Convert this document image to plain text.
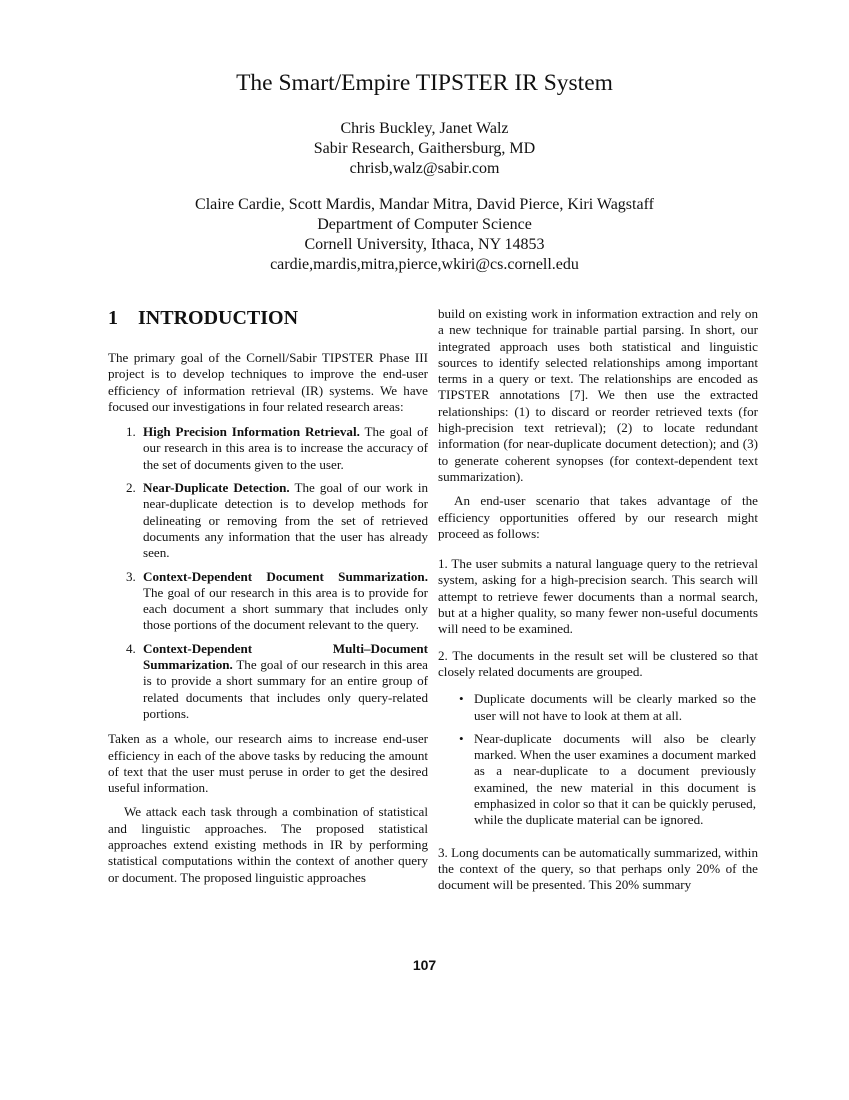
The Smart/Empire TIPSTER IR System
Chris Buckley, Janet Walz
Sabir Research, Gaithersburg, MD
chrisb,walz@sabir.com
Claire Cardie, Scott Mardis, Mandar Mitra, David Pierce, Kiri Wagstaff
Department of Computer Science
Cornell University, Ithaca, NY 14853
cardie,mardis,mitra,pierce,wkiri@cs.cornell.edu
1 INTRODUCTION

The primary goal of the Cornell/Sabir TIPSTER Phase III project is to develop techniques to improve the end-user efficiency of information retrieval (IR) systems. We have focused our investigations in four related research areas:

1. High Precision Information Retrieval. The goal of our research in this area is to increase the accuracy of the set of documents given to the user.
2. Near-Duplicate Detection. The goal of our work in near-duplicate detection is to develop methods for delineating or removing from the set of retrieved documents any information that the user has already seen.
3. Context-Dependent Document Summarization. The goal of our research in this area is to provide for each document a short summary that includes only those portions of the document relevant to the query.
4. Context-Dependent Multi–Document Summarization. The goal of our research in this area is to provide a short summary for an entire group of related documents that includes only query-related portions.

Taken as a whole, our research aims to increase end-user efficiency in each of the above tasks by reducing the amount of text that the user must peruse in order to get the desired useful information.

We attack each task through a combination of statistical and linguistic approaches. The proposed statistical approaches extend existing methods in IR by performing statistical computations within the context of another query or document. The proposed linguistic approaches

build on existing work in information extraction and rely on a new technique for trainable partial parsing. In short, our integrated approach uses both statistical and linguistic sources to identify selected relationships among important terms in a query or text. The relationships are encoded as TIPSTER annotations [7]. We then use the extracted relationships: (1) to discard or reorder retrieved texts (for high-precision text retrieval); (2) to locate redundant information (for near-duplicate document detection); and (3) to generate coherent synopses (for context-dependent text summarization).

An end-user scenario that takes advantage of the efficiency opportunities offered by our research might proceed as follows:

1. The user submits a natural language query to the retrieval system, asking for a high-precision search. This search will attempt to retrieve fewer documents than a normal search, but at a higher quality, so many fewer non-useful documents will need to be examined.

2. The documents in the result set will be clustered so that closely related documents are grouped.

• Duplicate documents will be clearly marked so the user will not have to look at them at all.
• Near-duplicate documents will also be clearly marked. When the user examines a document marked as a near-duplicate to a document previously examined, the new material in this document is emphasized in color so that it can be quickly perused, while the duplicate material can be ignored.

3. Long documents can be automatically summarized, within the context of the query, so that perhaps only 20% of the document will be presented. This 20% summary

107
